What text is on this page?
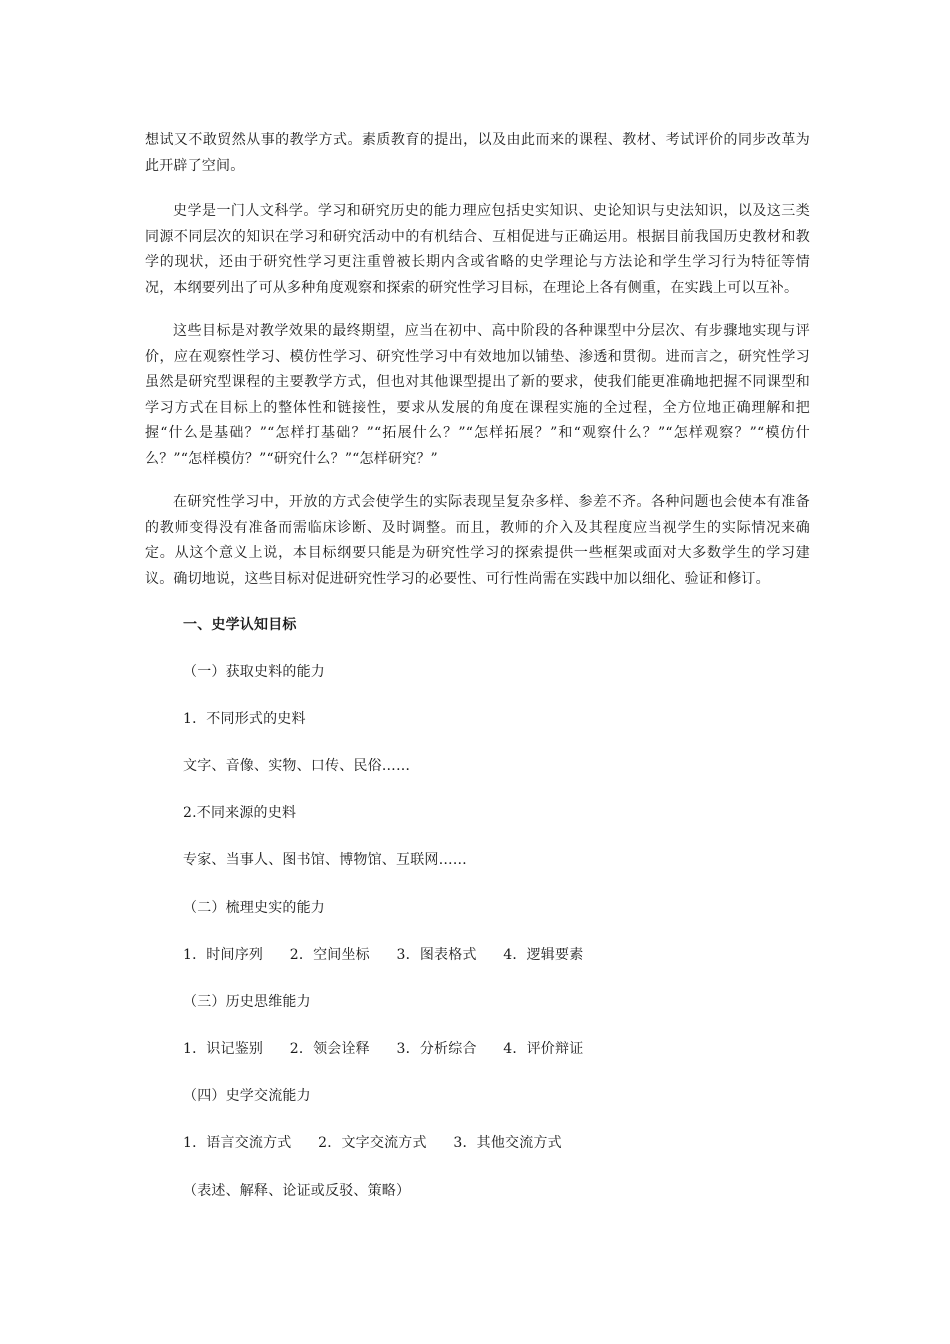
想试又不敢贸然从事的教学方式。素质教育的提出，以及由此而来的课程、教材、考试评价的同步改革为此开辟了空间。

史学是一门人文科学。学习和研究历史的能力理应包括史实知识、史论知识与史法知识，以及这三类同源不同层次的知识在学习和研究活动中的有机结合、互相促进与正确运用。根据目前我国历史教材和教学的现状，还由于研究性学习更注重曾被长期内含或省略的史学理论与方法论和学生学习行为特征等情况，本纲要列出了可从多种角度观察和探索的研究性学习目标，在理论上各有侧重，在实践上可以互补。

这些目标是对教学效果的最终期望，应当在初中、高中阶段的各种课型中分层次、有步骤地实现与评价，应在观察性学习、模仿性学习、研究性学习中有效地加以铺垫、渗透和贯彻。进而言之，研究性学习虽然是研究型课程的主要教学方式，但也对其他课型提出了新的要求，使我们能更准确地把握不同课型和学习方式在目标上的整体性和链接性，要求从发展的角度在课程实施的全过程，全方位地正确理解和把握“什么是基础？”“怎样打基础？”“拓展什么？”“怎样拓展？”和“观察什么？”“怎样观察？”“模仿什么？”“怎样模仿？”“研究什么？”“怎样研究？”

在研究性学习中，开放的方式会使学生的实际表现呈复杂多样、参差不齐。各种问题也会使本有准备的教师变得没有准备而需临床诊断、及时调整。而且，教师的介入及其程度应当视学生的实际情况来确定。从这个意义上说，本目标纲要只能是为研究性学习的探索提供一些框架或面对大多数学生的学习建议。确切地说，这些目标对促进研究性学习的必要性、可行性尚需在实践中加以细化、验证和修订。

一、史学认知目标

（一）获取史料的能力

1．不同形式的史料

文字、音像、实物、口传、民俗……

2.不同来源的史料

专家、当事人、图书馆、博物馆、互联网……

（二）梳理史实的能力

1．时间序列 2．空间坐标 3．图表格式 4．逻辑要素

（三）历史思维能力

1．识记鉴别 2．领会诠释 3．分析综合 4．评价辩证

（四）史学交流能力

1．语言交流方式 2．文字交流方式 3．其他交流方式

（表述、解释、论证或反驳、策略）
